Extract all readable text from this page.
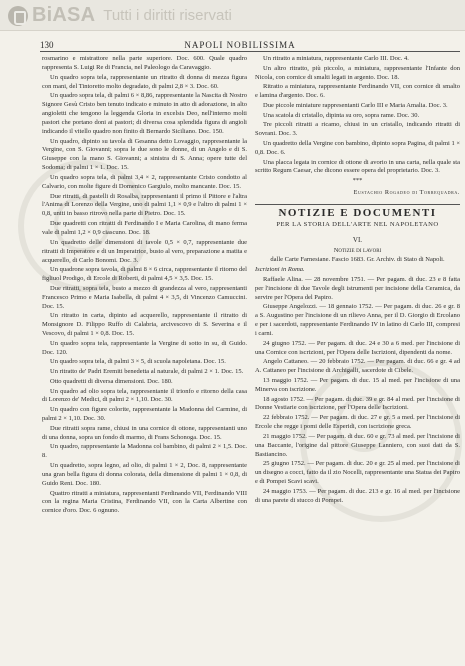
BiASA Tutti i diritti riservati
130	NAPOLI NOBILISSIMA

rosmarino e mistrattore nella parte superiore. Doc. 600. Quale quadro rappresenta S. Luigi Re di Francia, nel Paleologo da Caravaggio.

Un quadro sopra tela, rappresentante un ritratto di donna di mezza figura con mani, del Tintoretto molto degradato, di palmi 2,8 × 3. Doc. 60.

Un quadro sopra tela, di palmi 6 × 8,86, rappresentante la Nascita di Nostro Signore Gesù Cristo ben tenuto indicato e minuto in atto di adorazione, in alto angioletti che tengono la leggenda Gloria in excelsis Deo, nell'interno molti pastori che portano doni ai pastori; di diversa cosa splendida figura di angioli indicando il vitello quadro non finito di Bernardo Siciliano. Doc. 150.

Un quadro, dipinto su tavola di Gesanna detto Lovaggio, rappresentante la Vergine, con S. Giovanni; sopra le due sono le donne, di un Angelo e di S. Giuseppe con la mano S. Giovanni; a sinistra di S. Anna; opere tutte del Sodoma; di palmi 1 × 1. Doc. 15.

Un quadro sopra tela, di palmi 3,4 × 2, rappresentante Cristo condotto al Calvario, con molte figure di Domenico Gargiulo, molto mancante. Doc. 15.

Due ritratti, di pastelli di Rosalba, rappresentanti il primo il Pittore e l'altra l'Anima di Lorenzo della Vergine, uno di palmi 1,1 × 0,9 e l'altro di palmi 1 × 0,8, uniti in basso ritrovo nella parte di Pietro. Doc. 15.

Due quadretti con ritratti di Ferdinando I e Maria Carolina, di mano ferma vale di palmi 1,2 × 0,9 ciascuno. Doc. 18.

Un quadretto delle dimensioni di tavole 0,5 × 0,7, rappresentante due ritratti di Imperatore e di un Imperatrice, busto al vero, preparazione a matita e acquerello, di Carlo Bonomi. Doc. 3.

Un quadrone sopra tavola, di palmi 8 × 6 circa, rappresentante il ritorno del figliuol Prodigo, di Ercole di Roberti, di palmi 4,5 × 3,5. Doc. 15.

Due ritratti, sopra tela, busto a mezzo di grandezza al vero, rappresentanti Francesco Primo e Maria Isabella, di palmi 4 × 3,5, di Vincenzo Camuccini. Doc. 15.

Un ritratto in carta, dipinto ad acquerello, rappresentante il ritratto di Monsignore D. Filippo Ruffo di Calabria, arcivescovo di S. Severina e il Vescovo, di palmi 1 × 0,8. Doc. 15.

Un quadro sopra tela, rappresentante la Vergine di sotto in su, di Guido. Doc. 120.

Un quadro sopra tela, di palmi 3 × 5, di scuola napoletana. Doc. 15.

Un ritratto de' Padri Eremiti benedetta al naturale, di palmi 2 × 1. Doc. 15.

Otto quadretti di diversa dimensioni. Doc. 180.

Un quadro ad olio sopra tela, rappresentante il trionfo e ritorno della casa di Lorenzo de' Medici, di palmi 2 × 1,10. Doc. 30.

Un quadro con figure colorite, rappresentante la Madonna del Carmine, di palmi 2 × 1,10. Doc. 30.

Due ritratti sopra rame, chiusi in una cornice di ottone, rappresentanti uno di una donna, sopra un fondo di marmo, di Frans Schonoga. Doc. 15.

Un quadro, rappresentante la Madonna col bambino, di palmi 2 × 1,5. Doc. 8.

Un quadretto, sopra legno, ad olio, di palmi 1 × 2, Doc. 8, rappresentante una gran bella figura di donna colorata, della dimensione di palmi 1 × 0,8, di Guido Reni. Doc. 180.

Quattro ritratti a miniatura, rappresentanti Ferdinando VII, Ferdinando VIII con la regina Maria Cristina, Ferdinando VII, con la Carta Albertine con cornice d'oro. Doc. 6 ognuno.

Un ritratto a miniatura, rappresentante Carlo III. Doc. 4.

Un altro ritratto, più piccolo, a miniatura, rappresentante l'Infante don Nicola, con cornice di smalti legati in argento. Doc. 18.

Ritratto a miniatura, rappresentante Ferdinando VII, con cornice di smalto e lamina d'argento. Doc. 6.

Due piccole miniature rappresentanti Carlo III e Maria Amalia. Doc. 3.

Una scatola di cristallo, dipinta su oro, sopra rame. Doc. 30.

Tre piccoli ritratti a ricamo, chiusi in un cristallo, indicando ritratti di Sovrani. Doc. 3.

Un quadretto della Vergine con bambino, dipinto sopra Pagina, di palmi 1 × 0,8. Doc. 6.

Una placca legata in cornice di ottone di avorio in una carta, nella quale sta scritto Regum Caesar, che dicono essere opera del proprietario. Doc. 3.

***

Eustachio Rogadeo di Torrequadra.

NOTIZIE E DOCUMENTI
PER LA STORIA DELL'ARTE NEL NAPOLETANO
VI.

Notizie di lavori

dalle Carte Farnesiane. Fascio 1683. Gr. Archiv. di Stato di Napoli.

Iscrizioni in Roma.

Raffaele Alina. — 28 novembre 1751. — Per pagam. di duc. 23 e 8 fatta per l'incisione di due Tavole degli istrumenti per incisione della Ceramica, da servire per l'Opera del Papiro.

Giuseppe Angelozzi. — 18 gennaio 1752. — Per pagam. di duc. 26 e gr. 8 a S. Augustino per l'incisione di un rilievo Anna, per il D. Giorgio di Ercolano e per i sacerdoti, rappresentante Ferdinando IV in latino di Carlo III, compresi i carni.

24 giugno 1752. — Per pagam. di duc. 24 e 30 a 6 med. per l'incisione di una Cornice con iscrizioni, per l'Opera delle Iscrizioni, dipendenti da nome.

Angelo Cattaneo. — 20 febbraio 1752. — Per pagam. di duc. 66 e gr. 4 ad A. Cattaneo per l'incisione di Archigalli, sacerdote di Cibele.

13 maggio 1752. — Per pagam. di duc. 15 al med. per l'incisione di una Minerva con iscrizione.

18 agosto 1752. — Per pagam. di duc. 39 e gr. 84 al med. per l'incisione di Donne Vestiarie con iscrizione, per l'Opera delle Iscrizioni.

22 febbraio 1752. — Per pagam. di duc. 27 e gr. 5 a med. per l'incisione di Ercole che regge i pomi delle Esperidi, con iscrizione greca.

21 maggio 1752. — Per pagam. di duc. 60 e gr. 73 al med. per l'incisione di una Baccante, l'origine dal pittore Giuseppe Lanniero, con suoi dati da S. Bastiancino.

25 giugno 1752. — Per pagam. di duc. 20 e gr. 25 al med. per l'incisione di un disegno a cocci, fatto da il zio Nocelli, rappresentante una Statua dei Papiro e di Pompei Scavi scavi.

24 maggio 1753. — Per pagam. di duc. 213 e gr. 16 al med. per l'incisione di una parete di stucco di Pompei.
